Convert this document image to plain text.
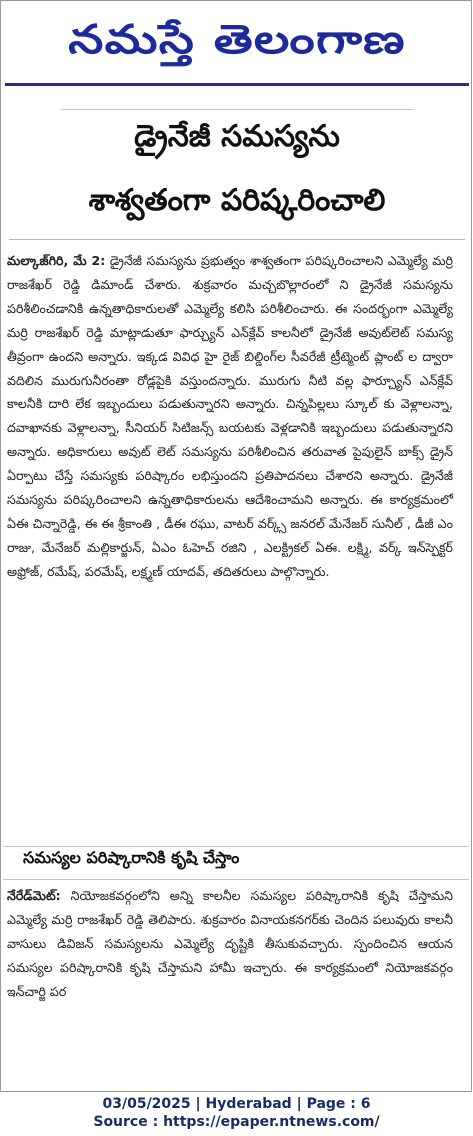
నమస్తే తెలంగాణ
డ్రైనేజీ సమస్యను
శాశ్వతంగా పరిష్కరించాలి
మల్కాజ్‌గిరి, మే 2: డ్రైనేజీ సమస్యను ప్రభుత్వం శాశ్వతంగా పరిష్కరించాలని ఎమ్మెల్యే మర్రి రాజశేఖర్ రెడ్డి డిమాండ్ చేశారు. శుక్రవారం మచ్చబొల్లారంలో ని డ్రైనేజీ సమస్యను పరిశీలించడానికి ఉన్నతాధికారులతో ఎమ్మెల్యే కలిసి పరిశీలించారు. ఈ సందర్భంగా ఎమ్మెల్యే మర్రి రాజశేఖర్ రెడ్డి మాట్లాడుతూ ఫార్చ్యున్ ఎన్‌క్లేవ్ కాలనీలో డ్రైనేజీ అవుట్‌లెట్ సమస్య తీవ్రంగా ఉందని అన్నారు. ఇక్కడ వివిధ హై రైజ్ బిల్డింగ్‌ల సీవరేజీ ట్రీట్మెంట్ ప్లాంట్ ల ద్వారా వదిలిన మురుగునీరంతా రోడ్లపైకి వస్తుందన్నారు. మురుగు నీటి వల్ల ఫార్చ్యూన్ ఎన్‌క్లేవ్ కాలనీకి దారి లేక ఇబ్బందులు పడుతున్నారని అన్నారు. చిన్నపిల్లలు స్కూల్ కు వెళ్లాలన్నా, దవాఖానకు వెళ్లాలన్నా, సీనియర్ సిటిజన్స్ బయటకు వెళ్లడానికి ఇబ్బందులు పడుతున్నారని అన్నారు. అధికారులు అవుట్ లెట్ సమస్యను పరిశీలించిన తరువాత పైపులైన్ బాక్స్ డ్రైన్ ఏర్పాటు చేస్తే సమస్యకు పరిష్కారం లభిస్తుందని ప్రతిపాదనలు చేశారని అన్నారు. డ్రైనేజీ సమస్యను పరిష్కరించాలని ఉన్నతాధికారులను ఆదేశించామని అన్నారు. ఈ కార్యక్రమంలో ఏఈ చిన్నారెడ్డి, ఈ ఈ శ్రీకాంతి , డీఈ రఘు, వాటర్ వర్క్స్ జనరల్ మేనేజర్ సునీల్ , డీజీ ఎం రాజు, మేనేజర్ మల్లికార్జున్, ఏఎం ఓహెచ్ రజిని , ఎలక్ట్రికల్ ఏఈ. లక్ష్మి, వర్క్ ఇన్‌స్పెక్టర్ అఫ్రోజ్, రమేష్, పరమేష్, లక్ష్మణ్ యాదవ్, తదితరులు పాల్గొన్నారు.
సమస్యల పరిష్కారానికి కృషి చేస్తాం
నేరేడ్‌మెట్: నియోజకవర్గంలోని అన్ని కాలనీల సమస్యల పరిష్కారానికి కృషి చేస్తామని ఎమ్మెల్యే మర్రి రాజశేఖర్ రెడ్డి తెలిపారు. శుక్రవారం వినాయకనగర్‌కు చెందిన పలువురు కాలనీ వాసులు డివిజన్ సమస్యలను ఎమ్మెల్యే దృష్టికి తీసుకువచ్చారు. స్పందించిన ఆయన సమస్యల పరిష్కారానికి కృషి చేస్తామని హామీ ఇచ్చారు. ఈ కార్యక్రమంలో నియోజకవర్గం ఇన్‌చార్జి పర
03/05/2025 | Hyderabad | Page : 6
Source : https://epaper.ntnews.com/
